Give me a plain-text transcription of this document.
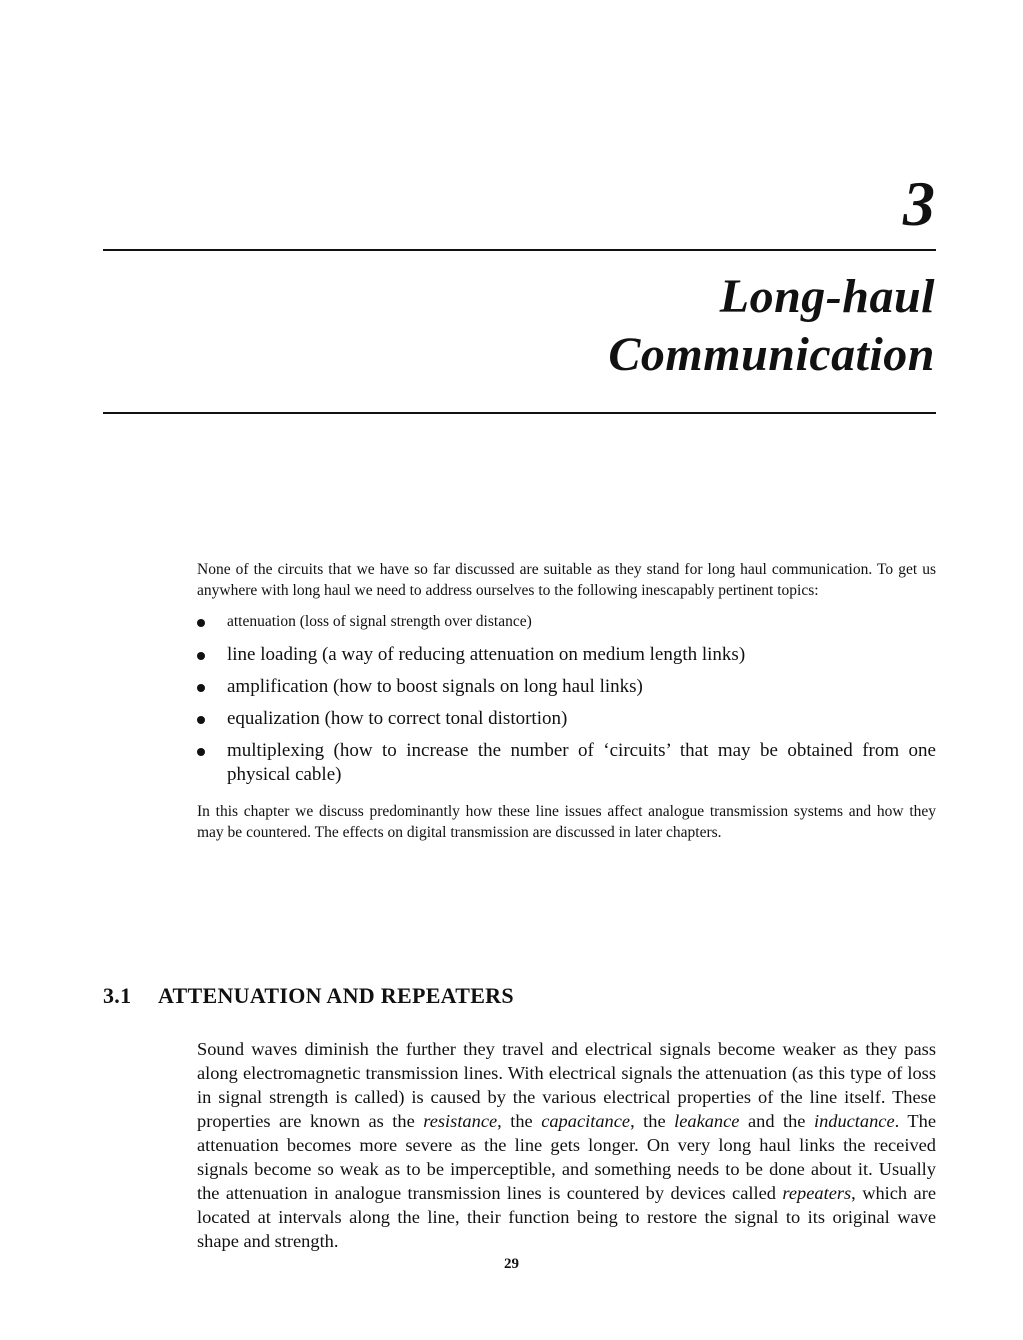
3
Long-haul
Communication

None of the circuits that we have so far discussed are suitable as they stand for long haul communication. To get us anywhere with long haul we need to address ourselves to the following inescapably pertinent topics:

attenuation (loss of signal strength over distance)
line loading (a way of reducing attenuation on medium length links)
amplification (how to boost signals on long haul links)
equalization (how to correct tonal distortion)
multiplexing (how to increase the number of ‘circuits’ that may be obtained from one physical cable)

In this chapter we discuss predominantly how these line issues affect analogue transmission systems and how they may be countered. The effects on digital transmission are discussed in later chapters.

3.1 ATTENUATION AND REPEATERS

Sound waves diminish the further they travel and electrical signals become weaker as they pass along electromagnetic transmission lines. With electrical signals the attenuation (as this type of loss in signal strength is called) is caused by the various electrical properties of the line itself. These properties are known as the resistance, the capacitance, the leakance and the inductance. The attenuation becomes more severe as the line gets longer. On very long haul links the received signals become so weak as to be imperceptible, and something needs to be done about it. Usually the attenuation in analogue transmission lines is countered by devices called repeaters, which are located at intervals along the line, their function being to restore the signal to its original wave shape and strength.

29
